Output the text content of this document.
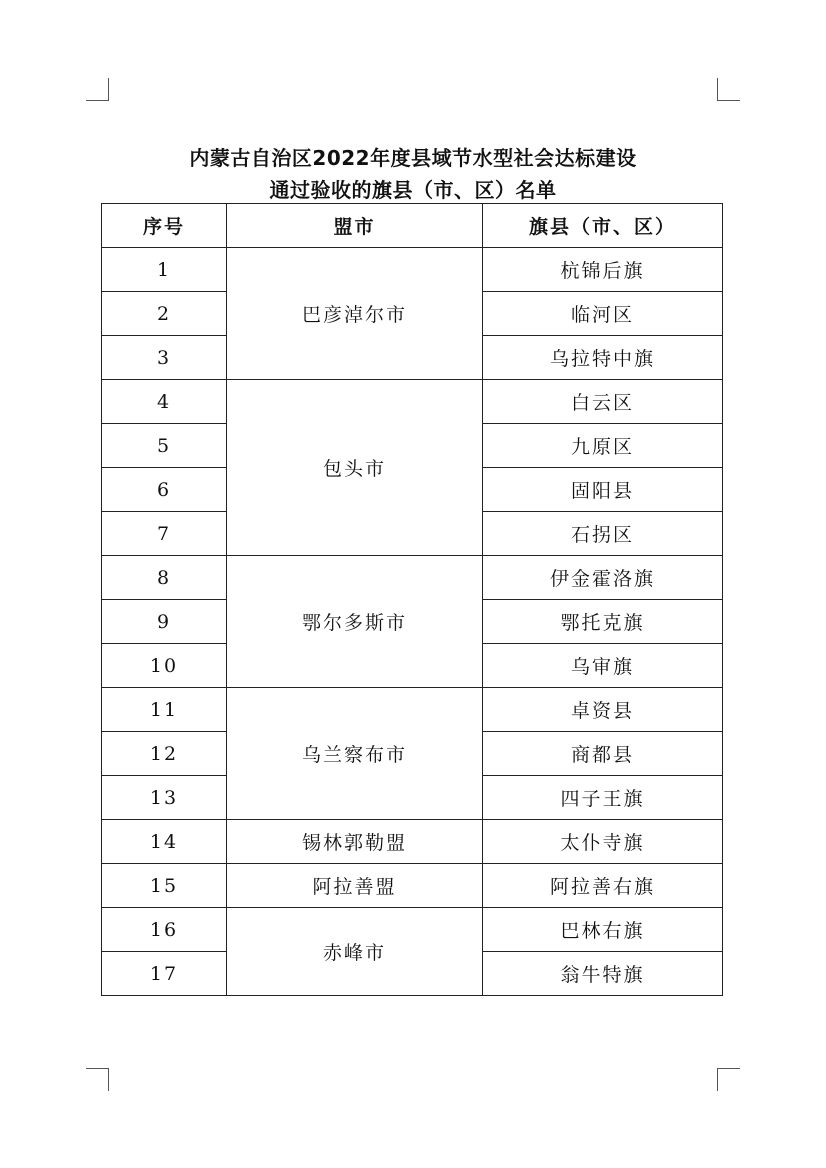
内蒙古自治区2022年度县域节水型社会达标建设
通过验收的旗县（市、区）名单
序号	盟市	旗县（市、区）
1	巴彦淖尔市	杭锦后旗
2		临河区
3		乌拉特中旗
4	包头市	白云区
5		九原区
6		固阳县
7		石拐区
8	鄂尔多斯市	伊金霍洛旗
9		鄂托克旗
10		乌审旗
11	乌兰察布市	卓资县
12		商都县
13		四子王旗
14	锡林郭勒盟	太仆寺旗
15	阿拉善盟	阿拉善右旗
16	赤峰市	巴林右旗
17		翁牛特旗
